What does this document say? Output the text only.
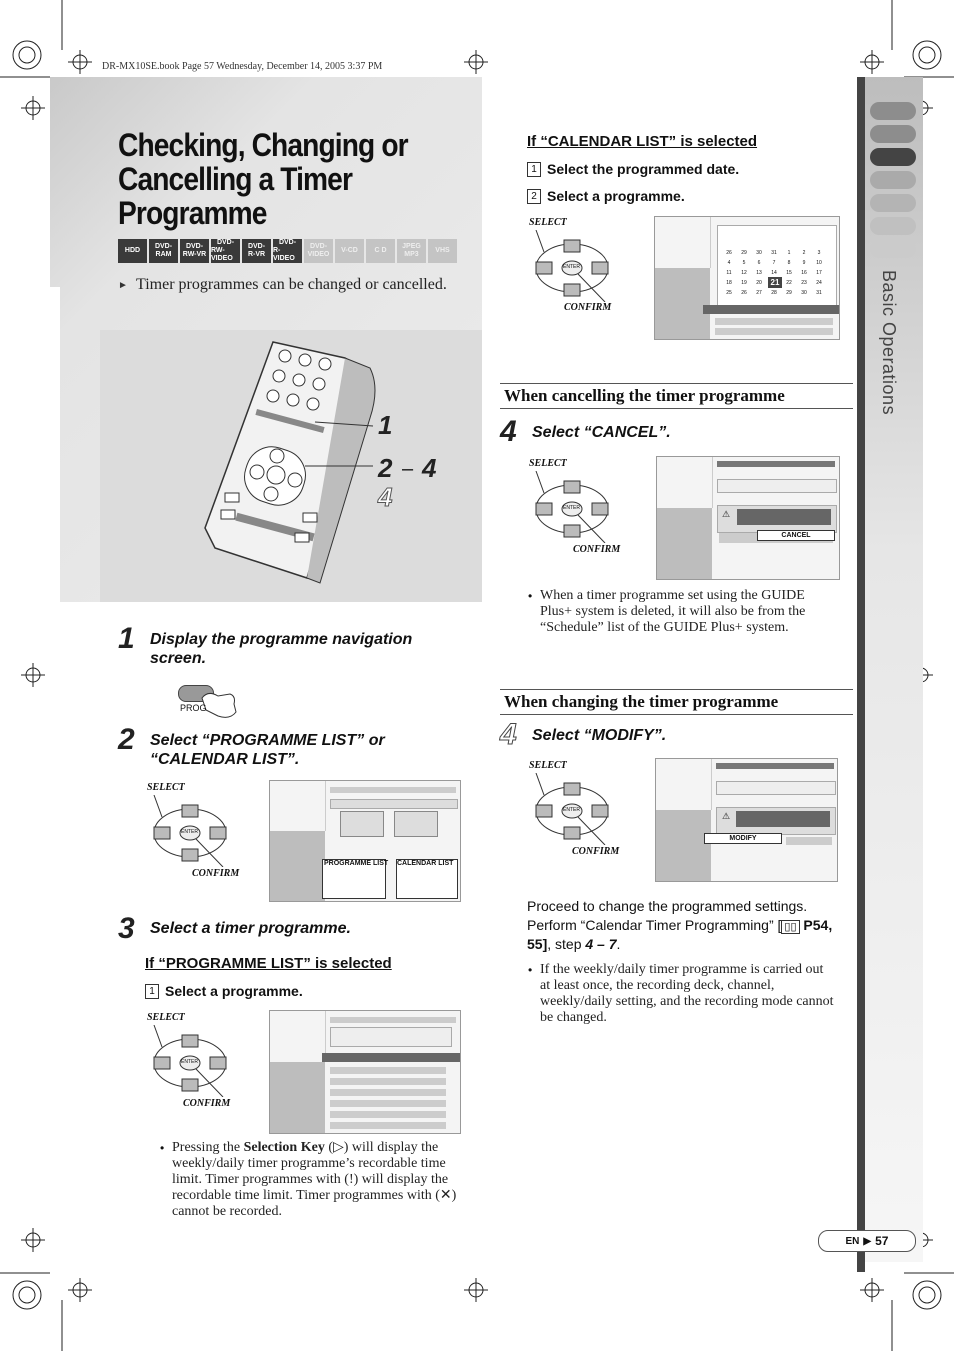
DR-MX10SE.book Page 57 Wednesday, December 14, 2005 3:37 PM
Checking, Changing or Cancelling a Timer Programme
HDD
DVD-
RAM
DVD-
RW-VR
DVD-
RW-VIDEO
DVD-
R-VR
DVD-
R-VIDEO
DVD-
VIDEO
V-CD C D
JPEG
MP3
VHS
► Timer programmes can be changed or cancelled.
1
2 – 4
4
1 Display the programme navigation screen.
PROG
2 Select “PROGRAMME LIST” or “CALENDAR LIST”.
SELECT
CONFIRM
ENTER
PROGRAMME LIST CALENDAR LIST
3 Select a timer programme.
If “PROGRAMME LIST” is selected
1 Select a programme.
SELECT
CONFIRM
ENTER
• Pressing the Selection Key (▷) will display the weekly/daily timer programme’s recordable time limit. Timer programmes with (!) will display the recordable time limit. Timer programmes with (✕) cannot be recorded.
If “CALENDAR LIST” is selected
1 Select the programmed date.
2 Select a programme.
SELECT
CONFIRM
ENTER
26	29	30	31	1	2	3
4	5	6	7	8	9	10
11	12	13	14	15	16	17
18	19	20	21	22	23	24
25	26	27	28	29	30	31
When cancelling the timer programme
4 Select “CANCEL”.
SELECT
CONFIRM
ENTER
⚠
CANCEL
• When a timer programme set using the GUIDE Plus+ system is deleted, it will also be from the “Schedule” list of the GUIDE Plus+ system.
When changing the timer programme
4 Select “MODIFY”.
SELECT
CONFIRM
ENTER
⚠
MODIFY
Proceed to change the programmed settings.
Perform “Calendar Timer Programming” [ ▯▯ P54, 55], step 4 – 7.
• If the weekly/daily timer programme is carried out at least once, the recording deck, channel, weekly/daily setting, and the recording mode cannot be changed.
Basic Operations
EN ▶ 57
